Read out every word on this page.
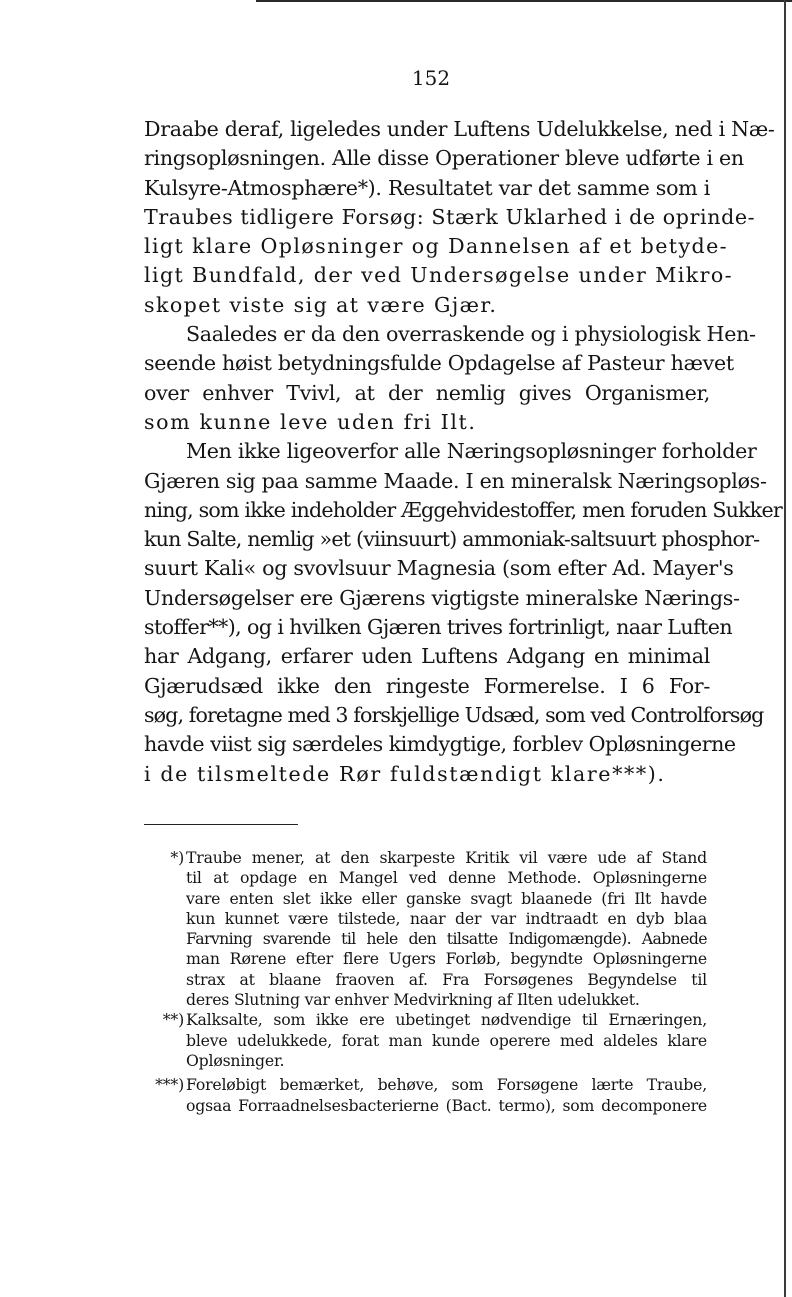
152
Draabe deraf, ligeledes under Luftens Udelukkelse, ned i Næ-
ringsopløsningen. Alle disse Operationer bleve udførte i en
Kulsyre-Atmosphære*). Resultatet var det samme som i
Traubes tidligere Forsøg: Stærk Uklarhed i de oprinde-
ligt klare Opløsninger og Dannelsen af et betyde-
ligt Bundfald, der ved Undersøgelse under Mikro-
skopet viste sig at være Gjær.
Saaledes er da den overraskende og i physiologisk Hen-
seende høist betydningsfulde Opdagelse af Pasteur hævet
over enhver Tvivl, at der nemlig gives Organismer,
som kunne leve uden fri Ilt.
Men ikke ligeoverfor alle Næringsopløsninger forholder
Gjæren sig paa samme Maade. I en mineralsk Næringsopløs-
ning, som ikke indeholder Æggehvidestoffer, men foruden Sukker
kun Salte, nemlig »et (viinsuurt) ammoniak-saltsuurt phosphor-
suurt Kali« og svovlsuur Magnesia (som efter Ad. Mayer's
Undersøgelser ere Gjærens vigtigste mineralske Nærings-
stoffer**), og i hvilken Gjæren trives fortrinligt, naar Luften
har Adgang, erfarer uden Luftens Adgang en minimal
Gjærudsæd ikke den ringeste Formerelse. I 6 For-
søg, foretagne med 3 forskjellige Udsæd, som ved Controlforsøg
havde viist sig særdeles kimdygtige, forblev Opløsningerne
i de tilsmeltede Rør fuldstændigt klare***).
*) Traube mener, at den skarpeste Kritik vil være ude af Stand
til at opdage en Mangel ved denne Methode. Opløsningerne
vare enten slet ikke eller ganske svagt blaanede (fri Ilt havde
kun kunnet være tilstede, naar der var indtraadt en dyb blaa
Farvning svarende til hele den tilsatte Indigomængde). Aabnede
man Rørene efter flere Ugers Forløb, begyndte Opløsningerne
strax at blaane fraoven af. Fra Forsøgenes Begyndelse til
deres Slutning var enhver Medvirkning af Ilten udelukket.
**) Kalksalte, som ikke ere ubetinget nødvendige til Ernæringen,
bleve udelukkede, forat man kunde operere med aldeles klare
Opløsninger.
***) Foreløbigt bemærket, behøve, som Forsøgene lærte Traube,
ogsaa Forraadnelsesbacterierne (Bact. termo), som decomponere
